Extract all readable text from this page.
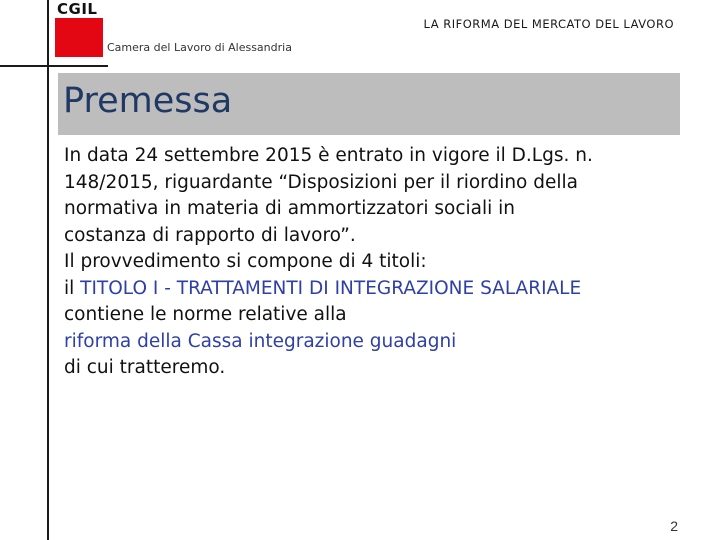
CGIL
Camera del Lavoro di Alessandria
LA RIFORMA DEL MERCATO DEL LAVORO
Premessa

In data 24 settembre 2015 è entrato in vigore il D.Lgs. n.

148/2015, riguardante “Disposizioni per il riordino della

normativa in materia di ammortizzatori sociali in

costanza di rapporto di lavoro”.

Il provvedimento si compone di 4 titoli:

il TITOLO I - TRATTAMENTI DI INTEGRAZIONE SALARIALE

contiene le norme relative alla

riforma della Cassa integrazione guadagni

di cui tratteremo.

2
